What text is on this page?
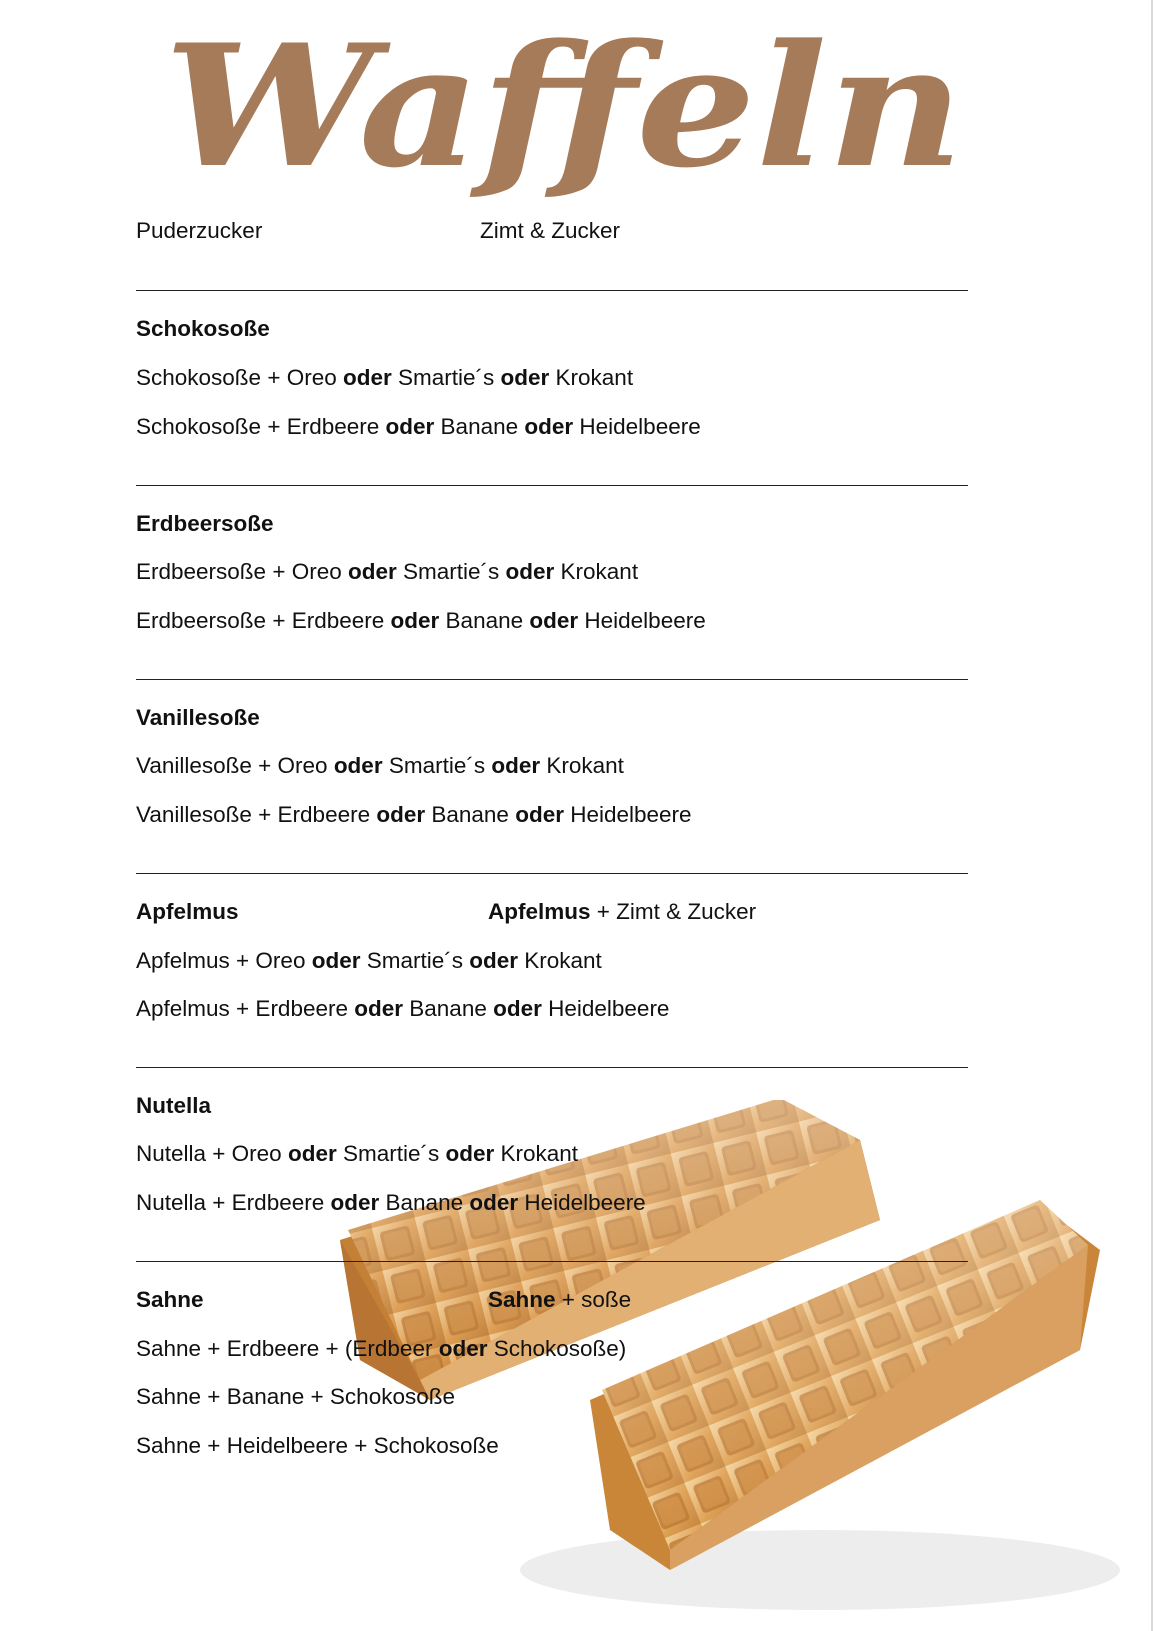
Waffeln
Puderzucker	Zimt & Zucker
Schokosoße
Schokosoße + Oreo oder Smartie´s oder Krokant
Schokosoße + Erdbeere oder Banane oder Heidelbeere
Erdbeersoße
Erdbeersoße + Oreo oder Smartie´s oder Krokant
Erdbeersoße + Erdbeere oder Banane oder Heidelbeere
Vanillesoße
Vanillesoße + Oreo oder Smartie´s oder Krokant
Vanillesoße + Erdbeere oder Banane oder Heidelbeere
Apfelmus	Apfelmus + Zimt & Zucker
Apfelmus + Oreo oder Smartie´s oder Krokant
Apfelmus + Erdbeere oder Banane oder Heidelbeere
Nutella
Nutella + Oreo oder Smartie´s oder Krokant
Nutella + Erdbeere oder Banane oder Heidelbeere
Sahne	Sahne + soße
Sahne + Erdbeere + (Erdbeer oder Schokosoße)
Sahne + Banane + Schokosoße
Sahne + Heidelbeere + Schokosoße
